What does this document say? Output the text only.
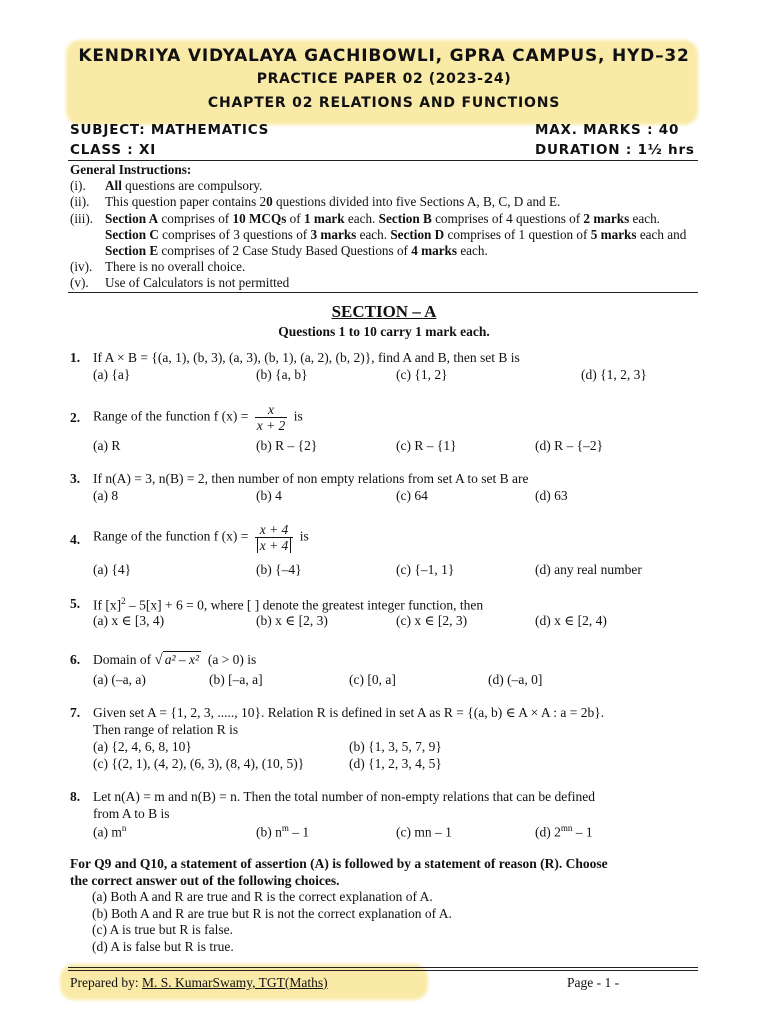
KENDRIYA VIDYALAYA GACHIBOWLI, GPRA CAMPUS, HYD–32
PRACTICE PAPER 02 (2023-24)
CHAPTER 02 RELATIONS AND FUNCTIONS
SUBJECT: MATHEMATICS	MAX. MARKS : 40
CLASS : XI	DURATION : 1½ hrs
General Instructions:
(i).	All questions are compulsory.
(ii).	This question paper contains 20 questions divided into five Sections A, B, C, D and E.
(iii). Section A comprises of 10 MCQs of 1 mark each. Section B comprises of 4 questions of 2 marks each. Section C comprises of 3 questions of 3 marks each. Section D comprises of 1 question of 5 marks each and Section E comprises of 2 Case Study Based Questions of 4 marks each.
(iv). There is no overall choice.
(v).	Use of Calculators is not permitted
SECTION – A
Questions 1 to 10 carry 1 mark each.
1. If A × B = {(a, 1), (b, 3), (a, 3), (b, 1), (a, 2), (b, 2)}, find A and B, then set B is
(a) {a}	(b) {a, b}	(c) {1, 2}	(d) {1, 2, 3}
2. Range of the function f $(x) = \frac{x}{x + 2}$ is
(a) R	(b) R – {2}	(c) R – {1}	(d) R – {–2}
3. If n(A) = 3, n(B) = 2, then number of non empty relations from set A to set B are
(a) 8	(b) 4	(c) 64	(d) 63
4. Range of the function f $(x) = \frac{x + 4}{x + 4}$ is
(a) {4}	(b) {–4}	(c) {–1, 1}	(d) any real number
5. If $[x]^2 - 5[x] + 6 = 0$, where [ ] denote the greatest integer function, then
(a) x ∈ [3, 4)	(b) x ∈ [2, 3)	(c) x ∈ [2, 3)	(d) x ∈ [2, 4)
6. Domain of √ a² – x² (a > 0) is
(a) (–a, a)	(b) [–a, a]	(c) [0, a]	(d) (–a, 0]
7. Given set A = {1, 2, 3, ....., 10}. Relation R is defined in set A as R = {(a, b) ∈ A × A : a = 2b}.
Then range of relation R is
(a) {2, 4, 6, 8, 10}	(b) {1, 3, 5, 7, 9}
(c) {(2, 1), (4, 2), (6, 3), (8, 4), (10, 5)}	(d) {1, 2, 3, 4, 5}
8. Let n(A) = m and n(B) = n. Then the total number of non-empty relations that can be defined
from A to B is
(a) $m^n$	(b) $n^m - 1$	(c) mn – 1	(d) $2^{mn} - 1$
For Q9 and Q10, a statement of assertion (A) is followed by a statement of reason (R). Choose
the correct answer out of the following choices.
(a) Both A and R are true and R is the correct explanation of A.
(b) Both A and R are true but R is not the correct explanation of A.
(c) A is true but R is false.
(d) A is false but R is true.
Prepared by: M. S. KumarSwamy, TGT(Maths)	Page - 1 -
